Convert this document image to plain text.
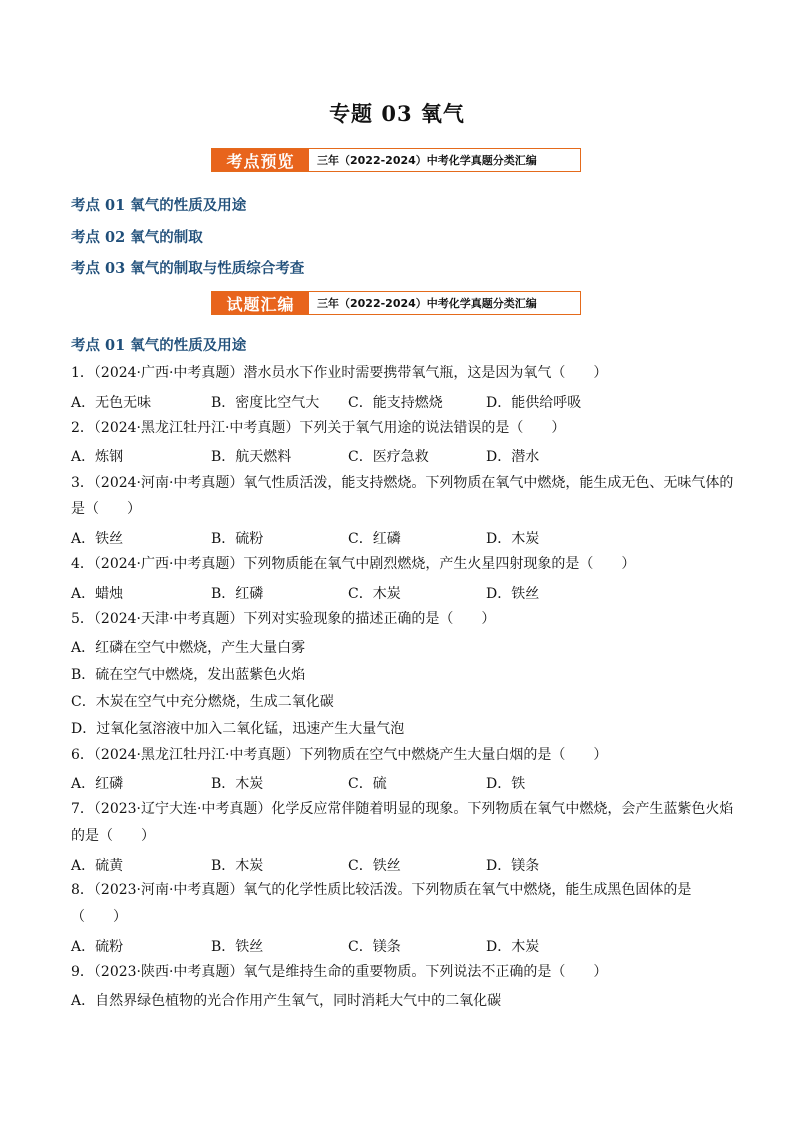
专题 03 氧气
考点预览	三年（2022-2024）中考化学真题分类汇编
考点 01 氧气的性质及用途
考点 02 氧气的制取
考点 03 氧气的制取与性质综合考查
试题汇编	三年（2022-2024）中考化学真题分类汇编
考点 01 氧气的性质及用途
1．（2024·广西·中考真题）潜水员水下作业时需要携带氧气瓶，这是因为氧气（　　）
A．无色无味	B．密度比空气大 C．能支持燃烧	D．能供给呼吸
2．（2024·黑龙江牡丹江·中考真题）下列关于氧气用途的说法错误的是（　　）
A．炼钢	B．航天燃料	C．医疗急救	D．潜水
3．（2024·河南·中考真题）氧气性质活泼，能支持燃烧。下列物质在氧气中燃烧，能生成无色、无味气体的
是（　　）
A．铁丝	B．硫粉	C．红磷	D．木炭
4．（2024·广西·中考真题）下列物质能在氧气中剧烈燃烧，产生火星四射现象的是（　　）
A．蜡烛	B．红磷	C．木炭	D．铁丝
5．（2024·天津·中考真题）下列对实验现象的描述正确的是（　　）
A．红磷在空气中燃烧，产生大量白雾
B．硫在空气中燃烧，发出蓝紫色火焰
C．木炭在空气中充分燃烧，生成二氧化碳
D．过氧化氢溶液中加入二氧化锰，迅速产生大量气泡
6．（2024·黑龙江牡丹江·中考真题）下列物质在空气中燃烧产生大量白烟的是（　　）
A．红磷	B．木炭	C．硫	D．铁
7．（2023·辽宁大连·中考真题）化学反应常伴随着明显的现象。下列物质在氧气中燃烧，会产生蓝紫色火焰
的是（　　）
A．硫黄	B．木炭	C．铁丝	D．镁条
8．（2023·河南·中考真题）氧气的化学性质比较活泼。下列物质在氧气中燃烧，能生成黑色固体的是
（　　）
A．硫粉	B．铁丝	C．镁条	D．木炭
9．（2023·陕西·中考真题）氧气是维持生命的重要物质。下列说法不正确的是（　　）
A．自然界绿色植物的光合作用产生氧气，同时消耗大气中的二氧化碳
